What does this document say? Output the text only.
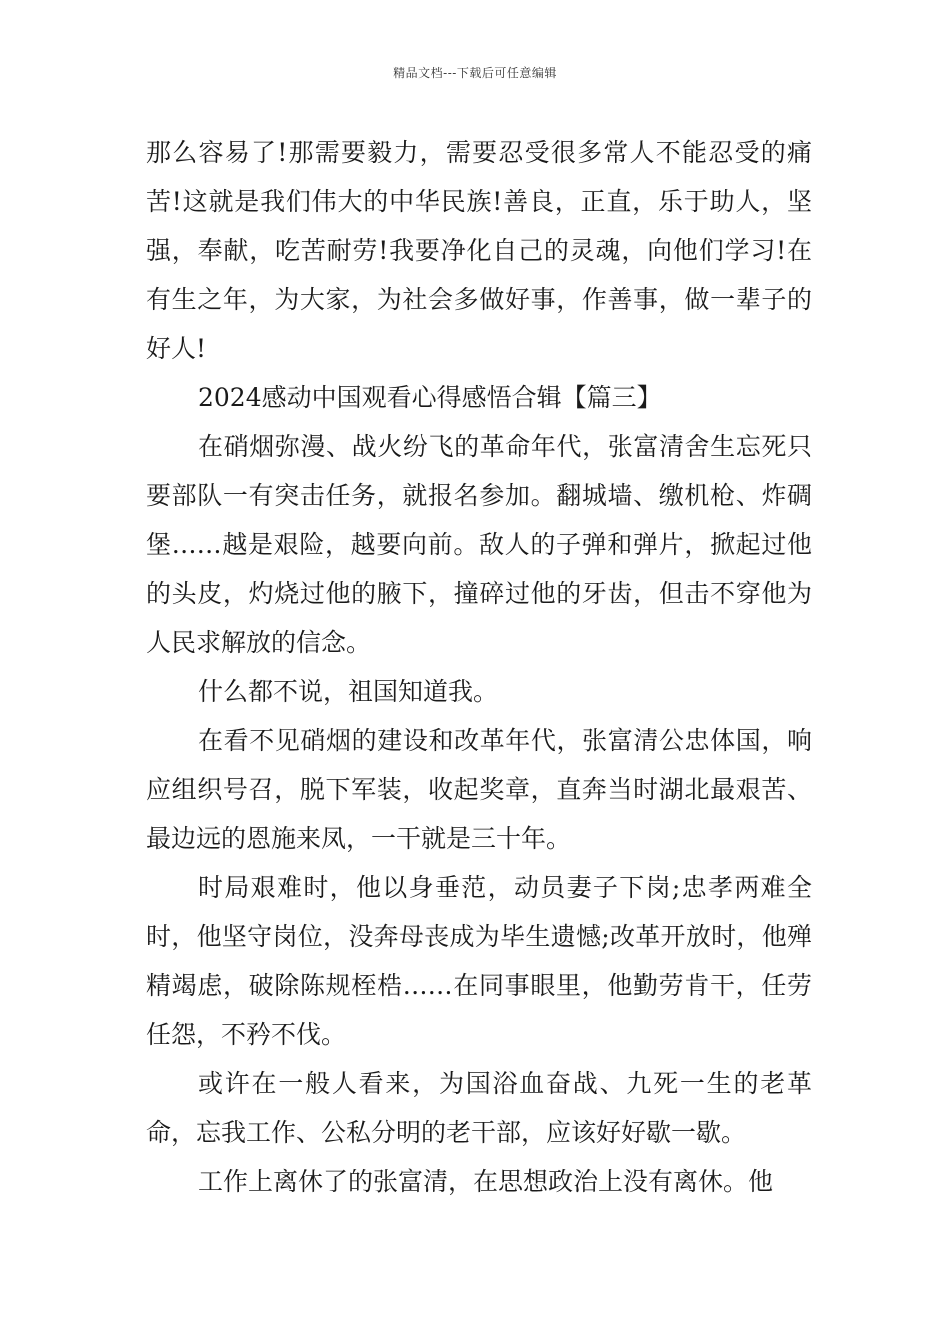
精品文档---下载后可任意编辑

那么容易了!那需要毅力，需要忍受很多常人不能忍受的痛苦!这就是我们伟大的中华民族!善良，正直，乐于助人，坚强，奉献，吃苦耐劳!我要净化自己的灵魂，向他们学习!在有生之年，为大家，为社会多做好事，作善事，做一辈子的好人!

2024感动中国观看心得感悟合辑【篇三】

在硝烟弥漫、战火纷飞的革命年代，张富清舍生忘死只要部队一有突击任务，就报名参加。翻城墙、缴机枪、炸碉堡……越是艰险，越要向前。敌人的子弹和弹片，掀起过他的头皮，灼烧过他的腋下，撞碎过他的牙齿，但击不穿他为人民求解放的信念。

什么都不说，祖国知道我。

在看不见硝烟的建设和改革年代，张富清公忠体国，响应组织号召，脱下军装，收起奖章，直奔当时湖北最艰苦、最边远的恩施来凤，一干就是三十年。

时局艰难时，他以身垂范，动员妻子下岗;忠孝两难全时，他坚守岗位，没奔母丧成为毕生遗憾;改革开放时，他殚精竭虑，破除陈规桎梏……在同事眼里，他勤劳肯干，任劳任怨，不矜不伐。

或许在一般人看来，为国浴血奋战、九死一生的老革命，忘我工作、公私分明的老干部，应该好好歇一歇。

工作上离休了的张富清，在思想政治上没有离休。他
